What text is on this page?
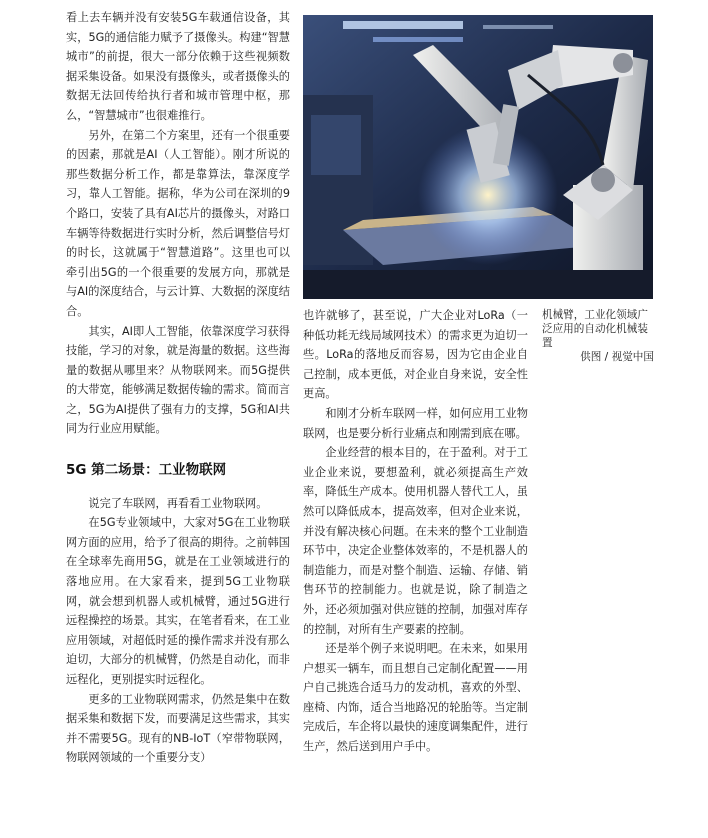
看上去车辆并没有安装5G车载通信设备，其实，5G的通信能力赋予了摄像头。构建“智慧城市”的前提，很大一部分依赖于这些视频数据采集设备。如果没有摄像头，或者摄像头的数据无法回传给执行者和城市管理中枢，那么，“智慧城市”也很难推行。

另外，在第二个方案里，还有一个很重要的因素，那就是AI（人工智能）。刚才所说的那些数据分析工作，都是靠算法，靠深度学习，靠人工智能。据称，华为公司在深圳的9个路口，安装了具有AI芯片的摄像头，对路口车辆等待数据进行实时分析，然后调整信号灯的时长，这就属于“智慧道路”。这里也可以牵引出5G的一个很重要的发展方向，那就是与AI的深度结合，与云计算、大数据的深度结合。

其实，AI即人工智能，依靠深度学习获得技能，学习的对象，就是海量的数据。这些海量的数据从哪里来？从物联网来。而5G提供的大带宽，能够满足数据传输的需求。简而言之，5G为AI提供了强有力的支撑，5G和AI共同为行业应用赋能。

5G 第二场景：工业物联网

说完了车联网，再看看工业物联网。

在5G专业领域中，大家对5G在工业物联网方面的应用，给予了很高的期待。之前韩国在全球率先商用5G，就是在工业领域进行的落地应用。在大家看来，提到5G工业物联网，就会想到机器人或机械臂，通过5G进行远程操控的场景。其实，在笔者看来，在工业应用领域，对超低时延的操作需求并没有那么迫切，大部分的机械臂，仍然是自动化，而非远程化，更别提实时远程化。

更多的工业物联网需求，仍然是集中在数据采集和数据下发，而要满足这些需求，其实并不需要5G。现有的NB-IoT（窄带物联网，物联网领域的一个重要分支）

也许就够了，甚至说，广大企业对LoRa（一种低功耗无线局域网技术）的需求更为迫切一些。LoRa的落地反而容易，因为它由企业自己控制，成本更低，对企业自身来说，安全性更高。

和刚才分析车联网一样，如何应用工业物联网，也是要分析行业痛点和刚需到底在哪。

企业经营的根本目的，在于盈利。对于工业企业来说，要想盈利，就必须提高生产效率，降低生产成本。使用机器人替代工人，虽然可以降低成本，提高效率，但对企业来说，并没有解决核心问题。在未来的整个工业制造环节中，决定企业整体效率的，不是机器人的制造能力，而是对整个制造、运输、存储、销售环节的控制能力。也就是说，除了制造之外，还必须加强对供应链的控制，加强对库存的控制，对所有生产要素的控制。

还是举个例子来说明吧。在未来，如果用户想买一辆车，而且想自己定制化配置——用户自己挑选合适马力的发动机，喜欢的外型、座椅、内饰，适合当地路况的轮胎等。当定制完成后，车企将以最快的速度调集配件，进行生产，然后送到用户手中。

机械臂，工业化领域广泛应用的自动化机械装置
供图 / 视觉中国
